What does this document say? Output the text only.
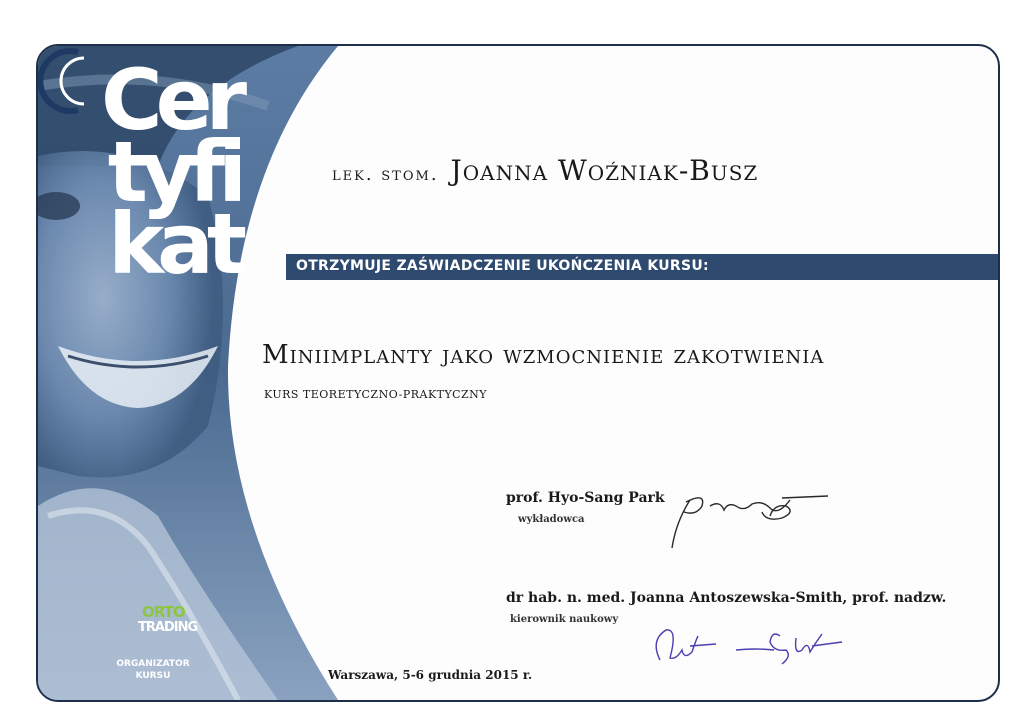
Cer
tyfi
kat
ORTO
TRADING
ORGANIZATOR
KURSU
lek. stom. Joanna Woźniak-Busz
OTRZYMUJE ZAŚWIADCZENIE UKOŃCZENIA KURSU:
Miniimplanty jako wzmocnienie zakotwienia
KURS TEORETYCZNO-PRAKTYCZNY
prof. Hyo-Sang Park
wykładowca
dr hab. n. med. Joanna Antoszewska-Smith, prof. nadzw.
kierownik naukowy
Warszawa, 5-6 grudnia 2015 r.
